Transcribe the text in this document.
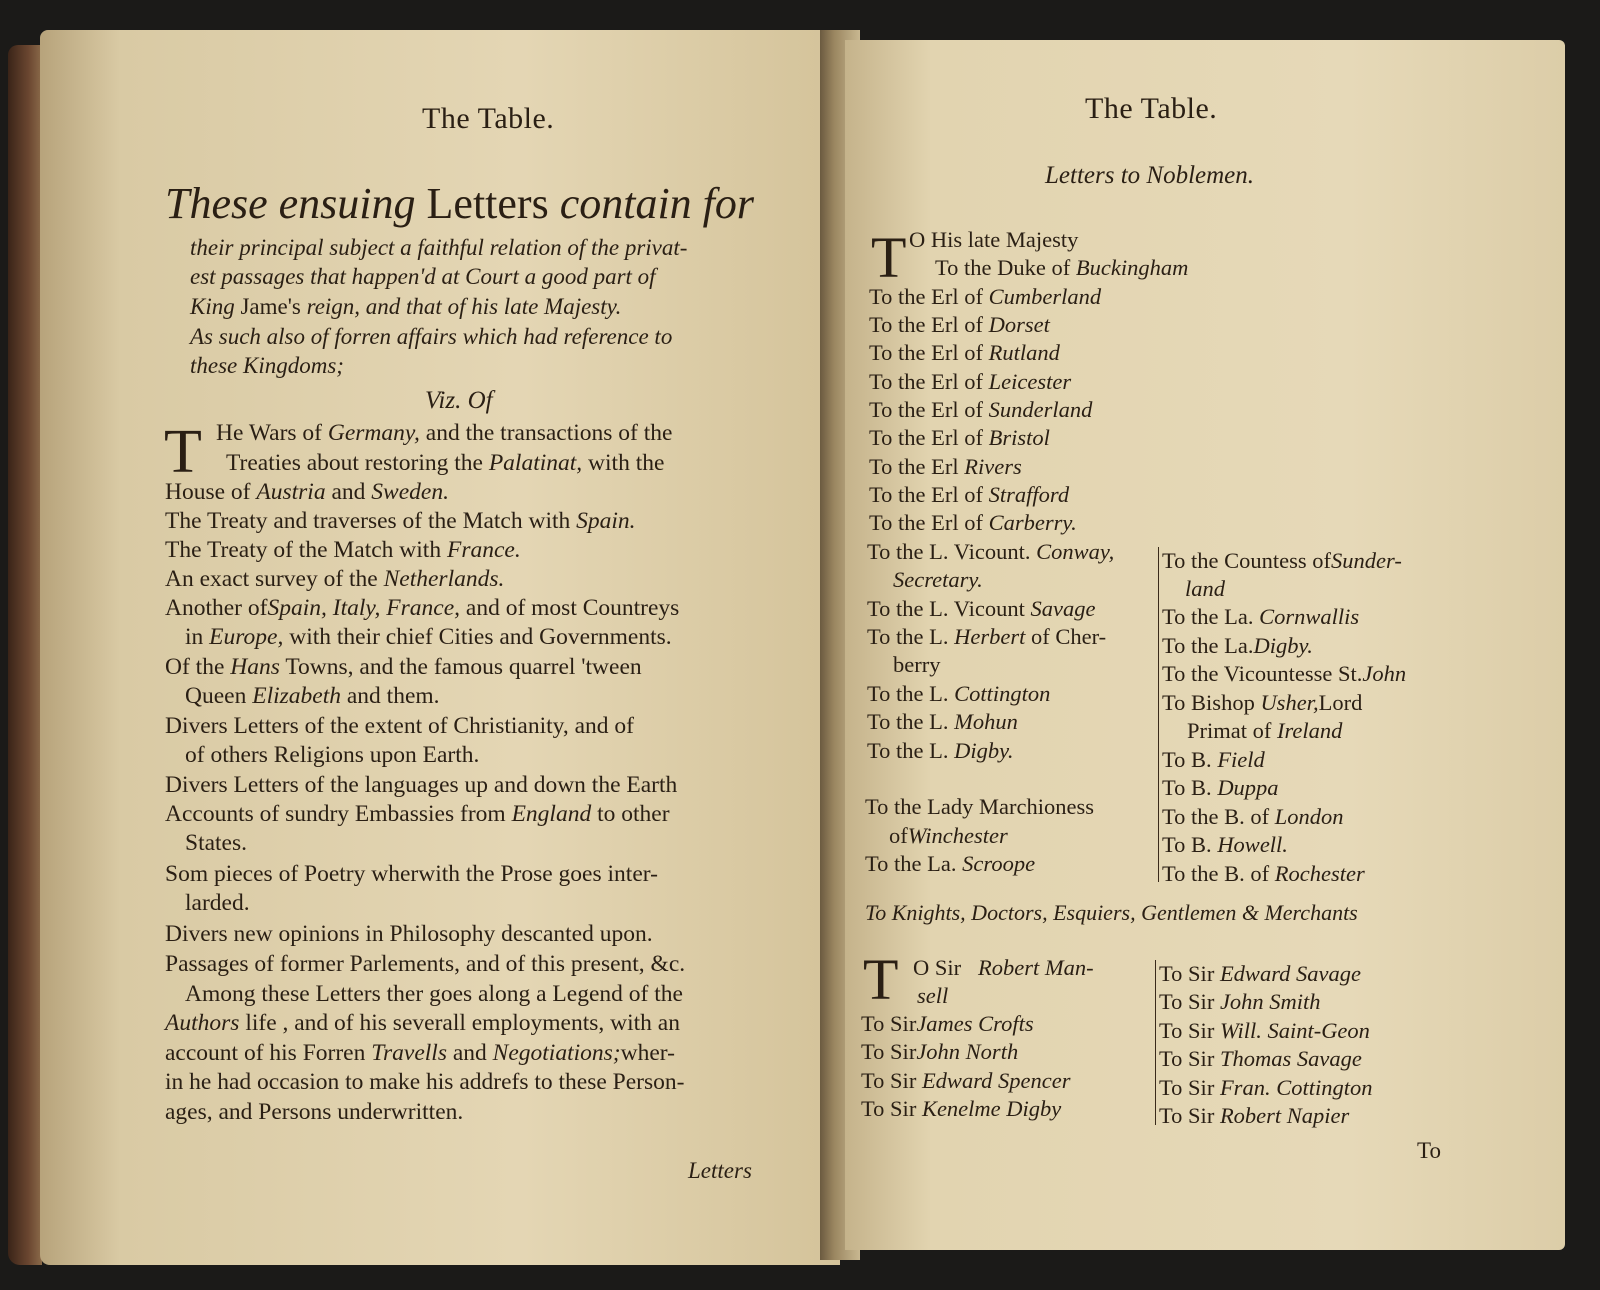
The Table.
These ensuing Letters contain for
their principal subject a faithful relation of the privat-
est passages that happen'd at Court a good part of
King Jame's reign, and that of his late Majesty.
As such also of forren affairs which had reference to
these Kingdoms;
Viz. Of
T He Wars of Germany, and the transactions of the
Treaties about restoring the Palatinat, with the
House of Austria and Sweden.
The Treaty and traverses of the Match with Spain.
The Treaty of the Match with France.
An exact survey of the Netherlands.
Another ofSpain, Italy, France, and of most Countreys
in Europe, with their chief Cities and Governments.
Of the Hans Towns, and the famous quarrel 'tween
Queen Elizabeth and them.
Divers Letters of the extent of Christianity, and of
of others Religions upon Earth.
Divers Letters of the languages up and down the Earth
Accounts of sundry Embassies from England to other
States.
Som pieces of Poetry wherwith the Prose goes inter-
larded.
Divers new opinions in Philosophy descanted upon.
Passages of former Parlements, and of this present, &c.
Among these Letters ther goes along a Legend of the
Authors life , and of his severall employments, with an
account of his Forren Travells and Negotiations;wher-
in he had occasion to make his addrefs to these Person-
ages, and Persons underwritten.
Letters
The Table.
Letters to Noblemen.
T O His late Majesty
To the Duke of Buckingham
To the Erl of Cumberland
To the Erl of Dorset
To the Erl of Rutland
To the Erl of Leicester
To the Erl of Sunderland
To the Erl of Bristol
To the Erl Rivers
To the Erl of Strafford
To the Erl of Carberry.
To the L. Vicount. Conway,
Secretary.
To the L. Vicount Savage
To the L. Herbert of Cher-
berry
To the L. Cottington
To the L. Mohun
To the L. Digby.
To the Lady Marchioness
ofWinchester
To the La. Scroope
To the Countess ofSunder-
land
To the La. Cornwallis
To the La.Digby.
To the Vicountesse St.John
To Bishop Usher,Lord
Primat of Ireland
To B. Field
To B. Duppa
To the B. of London
To B. Howell.
To the B. of Rochester
To Knights, Doctors, Esquiers, Gentlemen & Merchants
T O Sir Robert Man-
sell
To SirJames Crofts
To SirJohn North
To Sir Edward Spencer
To Sir Kenelme Digby
To Sir Edward Savage
To Sir John Smith
To Sir Will. Saint-Geon
To Sir Thomas Savage
To Sir Fran. Cottington
To Sir Robert Napier
To
